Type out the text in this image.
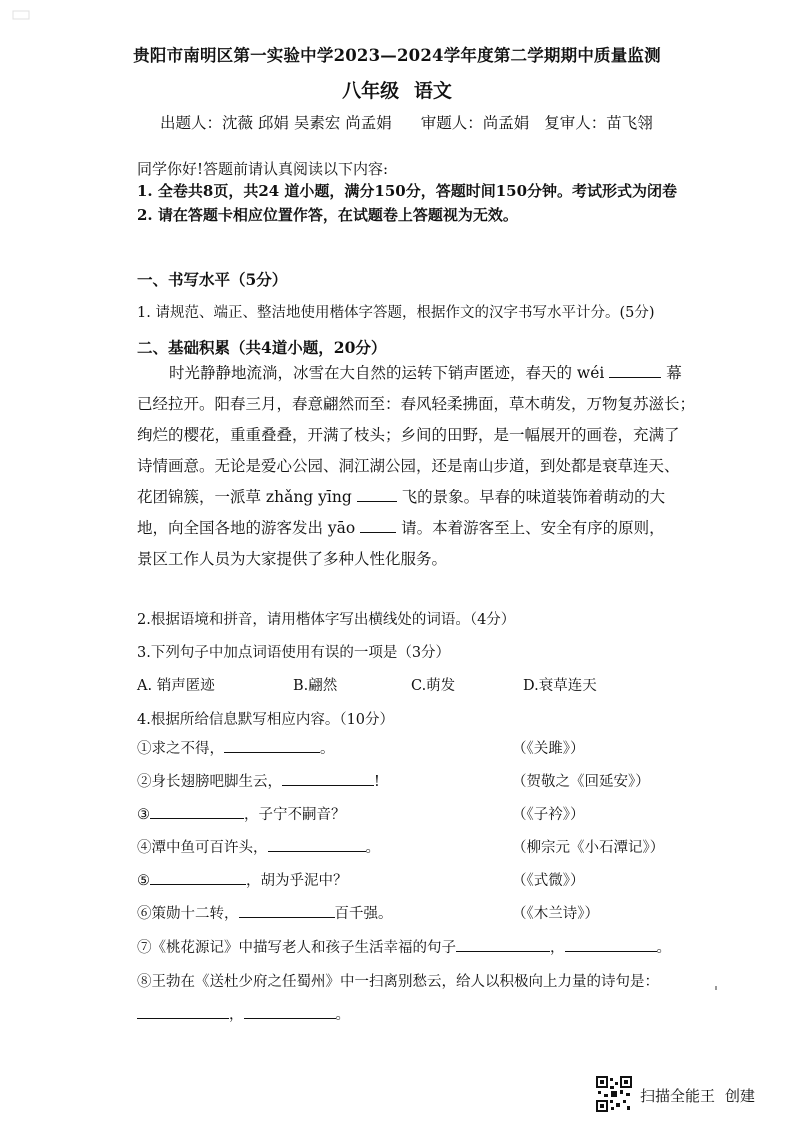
贵阳市南明区第一实验中学2023—2024学年度第二学期期中质量监测
八年级 语文
出题人：沈薇 邱娟 吴素宏 尚孟娟 审题人：尚孟娟 复审人：苗飞翎
同学你好!答题前请认真阅读以下内容:
1. 全卷共8页，共24 道小题，满分150分，答题时间150分钟。考试形式为闭卷
2. 请在答题卡相应位置作答，在试题卷上答题视为无效。
一、书写水平（5分）
1. 请规范、端正、整洁地使用楷体字答题，根据作文的汉字书写水平计分。(5分)
二、基础积累（共4道小题，20分）

时光静静地流淌，冰雪在大自然的运转下销声匿迹，春天的 wéi	幕

已经拉开。阳春三月，春意翩然而至：春风轻柔拂面，草木萌发，万物复苏滋长；

绚烂的樱花，重重叠叠，开满了枝头；乡间的田野，是一幅展开的画卷，充满了

诗情画意。无论是爱心公园、洞江湖公园，还是南山步道，到处都是衰草连天、

花团锦簇，一派草 zhǎng yīng	飞的景象。早春的味道装饰着萌动的大

地，向全国各地的游客发出 yāo	请。本着游客至上、安全有序的原则，

景区工作人员为大家提供了多种人性化服务。

2.根据语境和拼音，请用楷体字写出横线处的词语。（4分）
3.下列句子中加点词语使用有误的一项是（3分）
A. 销声匿迹	B.翩然	C.萌发	D.衰草连天
4.根据所给信息默写相应内容。（10分）
①求之不得，	。	（《关雎》）
②身长翅膀吧脚生云，	!	（贺敬之《回延安》）
③	，子宁不嗣音？	（《子衿》）
④潭中鱼可百许头，	。	（柳宗元《小石潭记》）
⑤	，胡为乎泥中？	（《式微》）
⑥策勋十二转，	百千强。	（《木兰诗》）
⑦《桃花源记》中描写老人和孩子生活幸福的句子	，	。
⑧王勃在《送杜少府之任蜀州》中一扫离别愁云，给人以积极向上力量的诗句是：
，	。
扫描全能王 创建
